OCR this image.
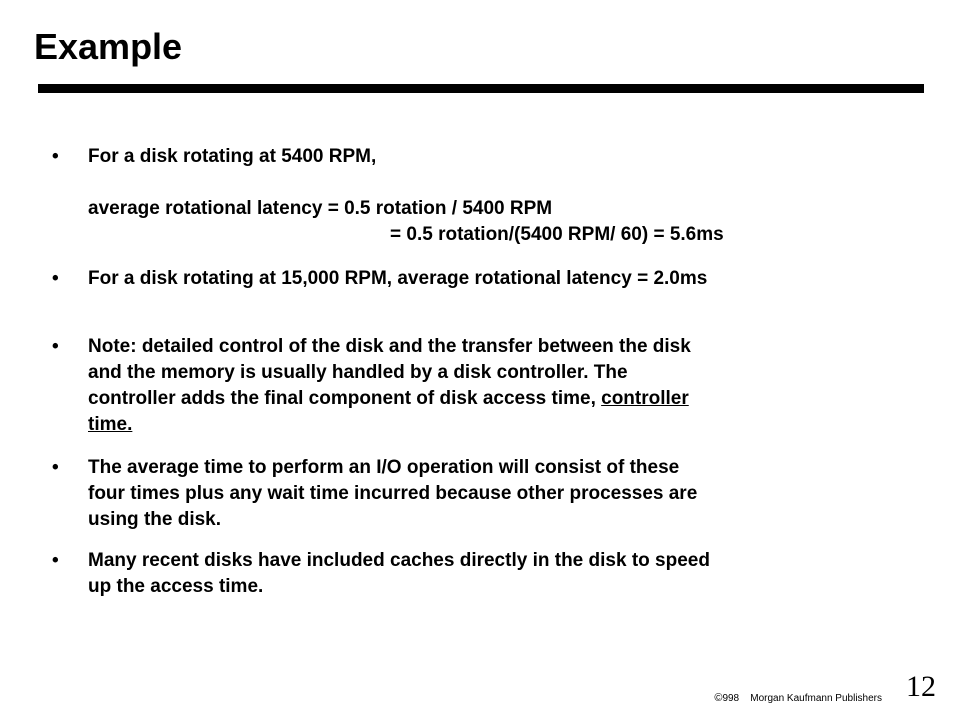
Example
•	For a disk rotating at 5400 RPM,
average rotational latency = 0.5 rotation / 5400 RPM
= 0.5 rotation/(5400 RPM/ 60) = 5.6ms
•	For a disk rotating at 15,000 RPM, average rotational latency = 2.0ms
•	Note: detailed control of the disk and the transfer between the disk
and the memory is usually handled by a disk controller. The
controller adds the final component of disk access time, controller
time.
•	The average time to perform an I/O operation will consist of these
four times plus any wait time incurred because other processes are
using the disk.
•	Many recent disks have included caches directly in the disk to speed
up the access time.
©998 Morgan Kaufmann Publishers 12
